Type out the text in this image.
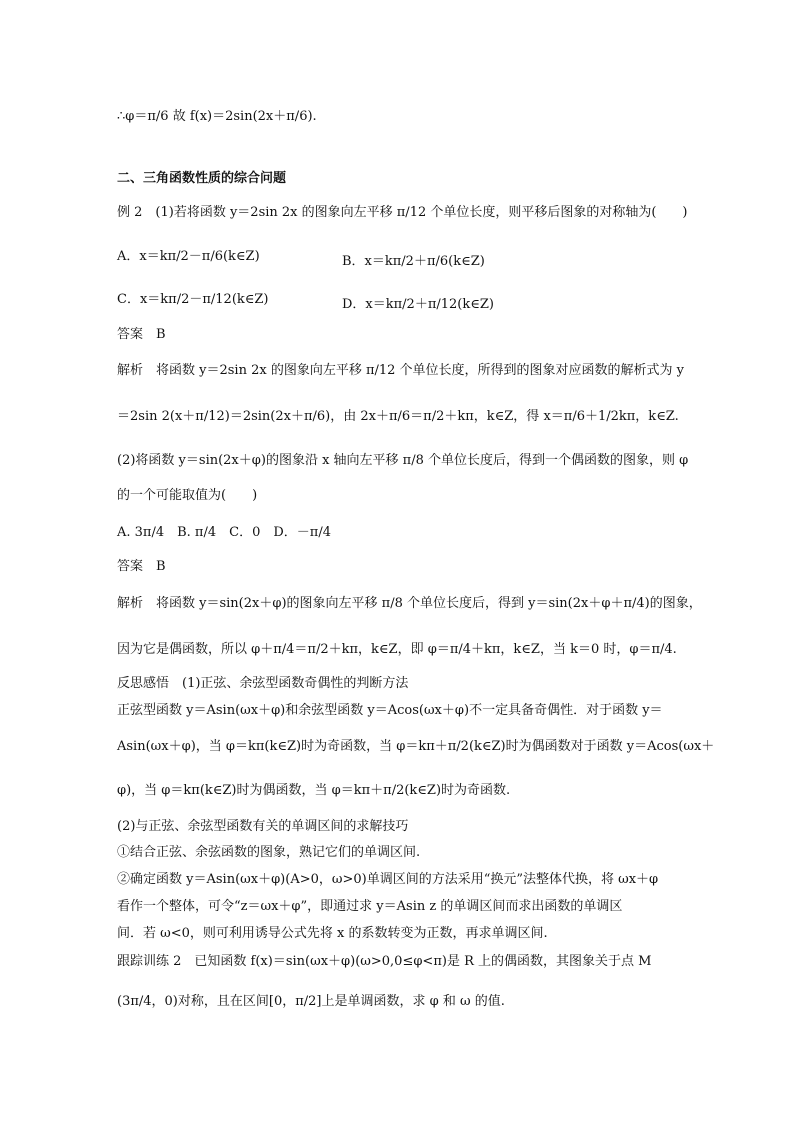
∴φ＝π/6 故 f(x)＝2sin(2x＋π/6).
二、三角函数性质的综合问题
例 2　(1)若将函数 y＝2sin 2x 的图象向左平移 π/12 个单位长度，则平移后图象的对称轴为(　　)
A．x＝kπ/2－π/6(k∈Z)	B．x＝kπ/2＋π/6(k∈Z)
C．x＝kπ/2－π/12(k∈Z)	D．x＝kπ/2＋π/12(k∈Z)
答案　B
解析　将函数 y＝2sin 2x 的图象向左平移 π/12 个单位长度，所得到的图象对应函数的解析式为 y
＝2sin 2(x＋π/12)＝2sin(2x＋π/6)，由 2x＋π/6＝π/2＋kπ，k∈Z，得 x＝π/6＋1/2kπ，k∈Z.
(2)将函数 y＝sin(2x＋φ)的图象沿 x 轴向左平移 π/8 个单位长度后，得到一个偶函数的图象，则 φ
的一个可能取值为(　　)
A. 3π/4　B. π/4　C．0　D．－π/4
答案　B
解析　将函数 y＝sin(2x＋φ)的图象向左平移 π/8 个单位长度后，得到 y＝sin(2x＋φ＋π/4)的图象，
因为它是偶函数，所以 φ＋π/4＝π/2＋kπ，k∈Z，即 φ＝π/4＋kπ，k∈Z，当 k＝0 时，φ＝π/4.
反思感悟　(1)正弦、余弦型函数奇偶性的判断方法
正弦型函数 y＝Asin(ωx＋φ)和余弦型函数 y＝Acos(ωx＋φ)不一定具备奇偶性．对于函数 y＝
Asin(ωx＋φ)，当 φ＝kπ(k∈Z)时为奇函数，当 φ＝kπ＋π/2(k∈Z)时为偶函数对于函数 y＝Acos(ωx＋
φ)，当 φ＝kπ(k∈Z)时为偶函数，当 φ＝kπ＋π/2(k∈Z)时为奇函数.
(2)与正弦、余弦型函数有关的单调区间的求解技巧
①结合正弦、余弦函数的图象，熟记它们的单调区间.
②确定函数 y＝Asin(ωx＋φ)(A>0，ω>0)单调区间的方法采用“换元”法整体代换，将 ωx＋φ
看作一个整体，可令“z＝ωx＋φ”，即通过求 y＝Asin z 的单调区间而求出函数的单调区
间．若 ω<0，则可利用诱导公式先将 x 的系数转变为正数，再求单调区间.
跟踪训练 2　已知函数 f(x)＝sin(ωx＋φ)(ω>0,0≤φ<π)是 R 上的偶函数，其图象关于点 M
(3π/4，0)对称，且在区间[0，π/2]上是单调函数，求 φ 和 ω 的值.
